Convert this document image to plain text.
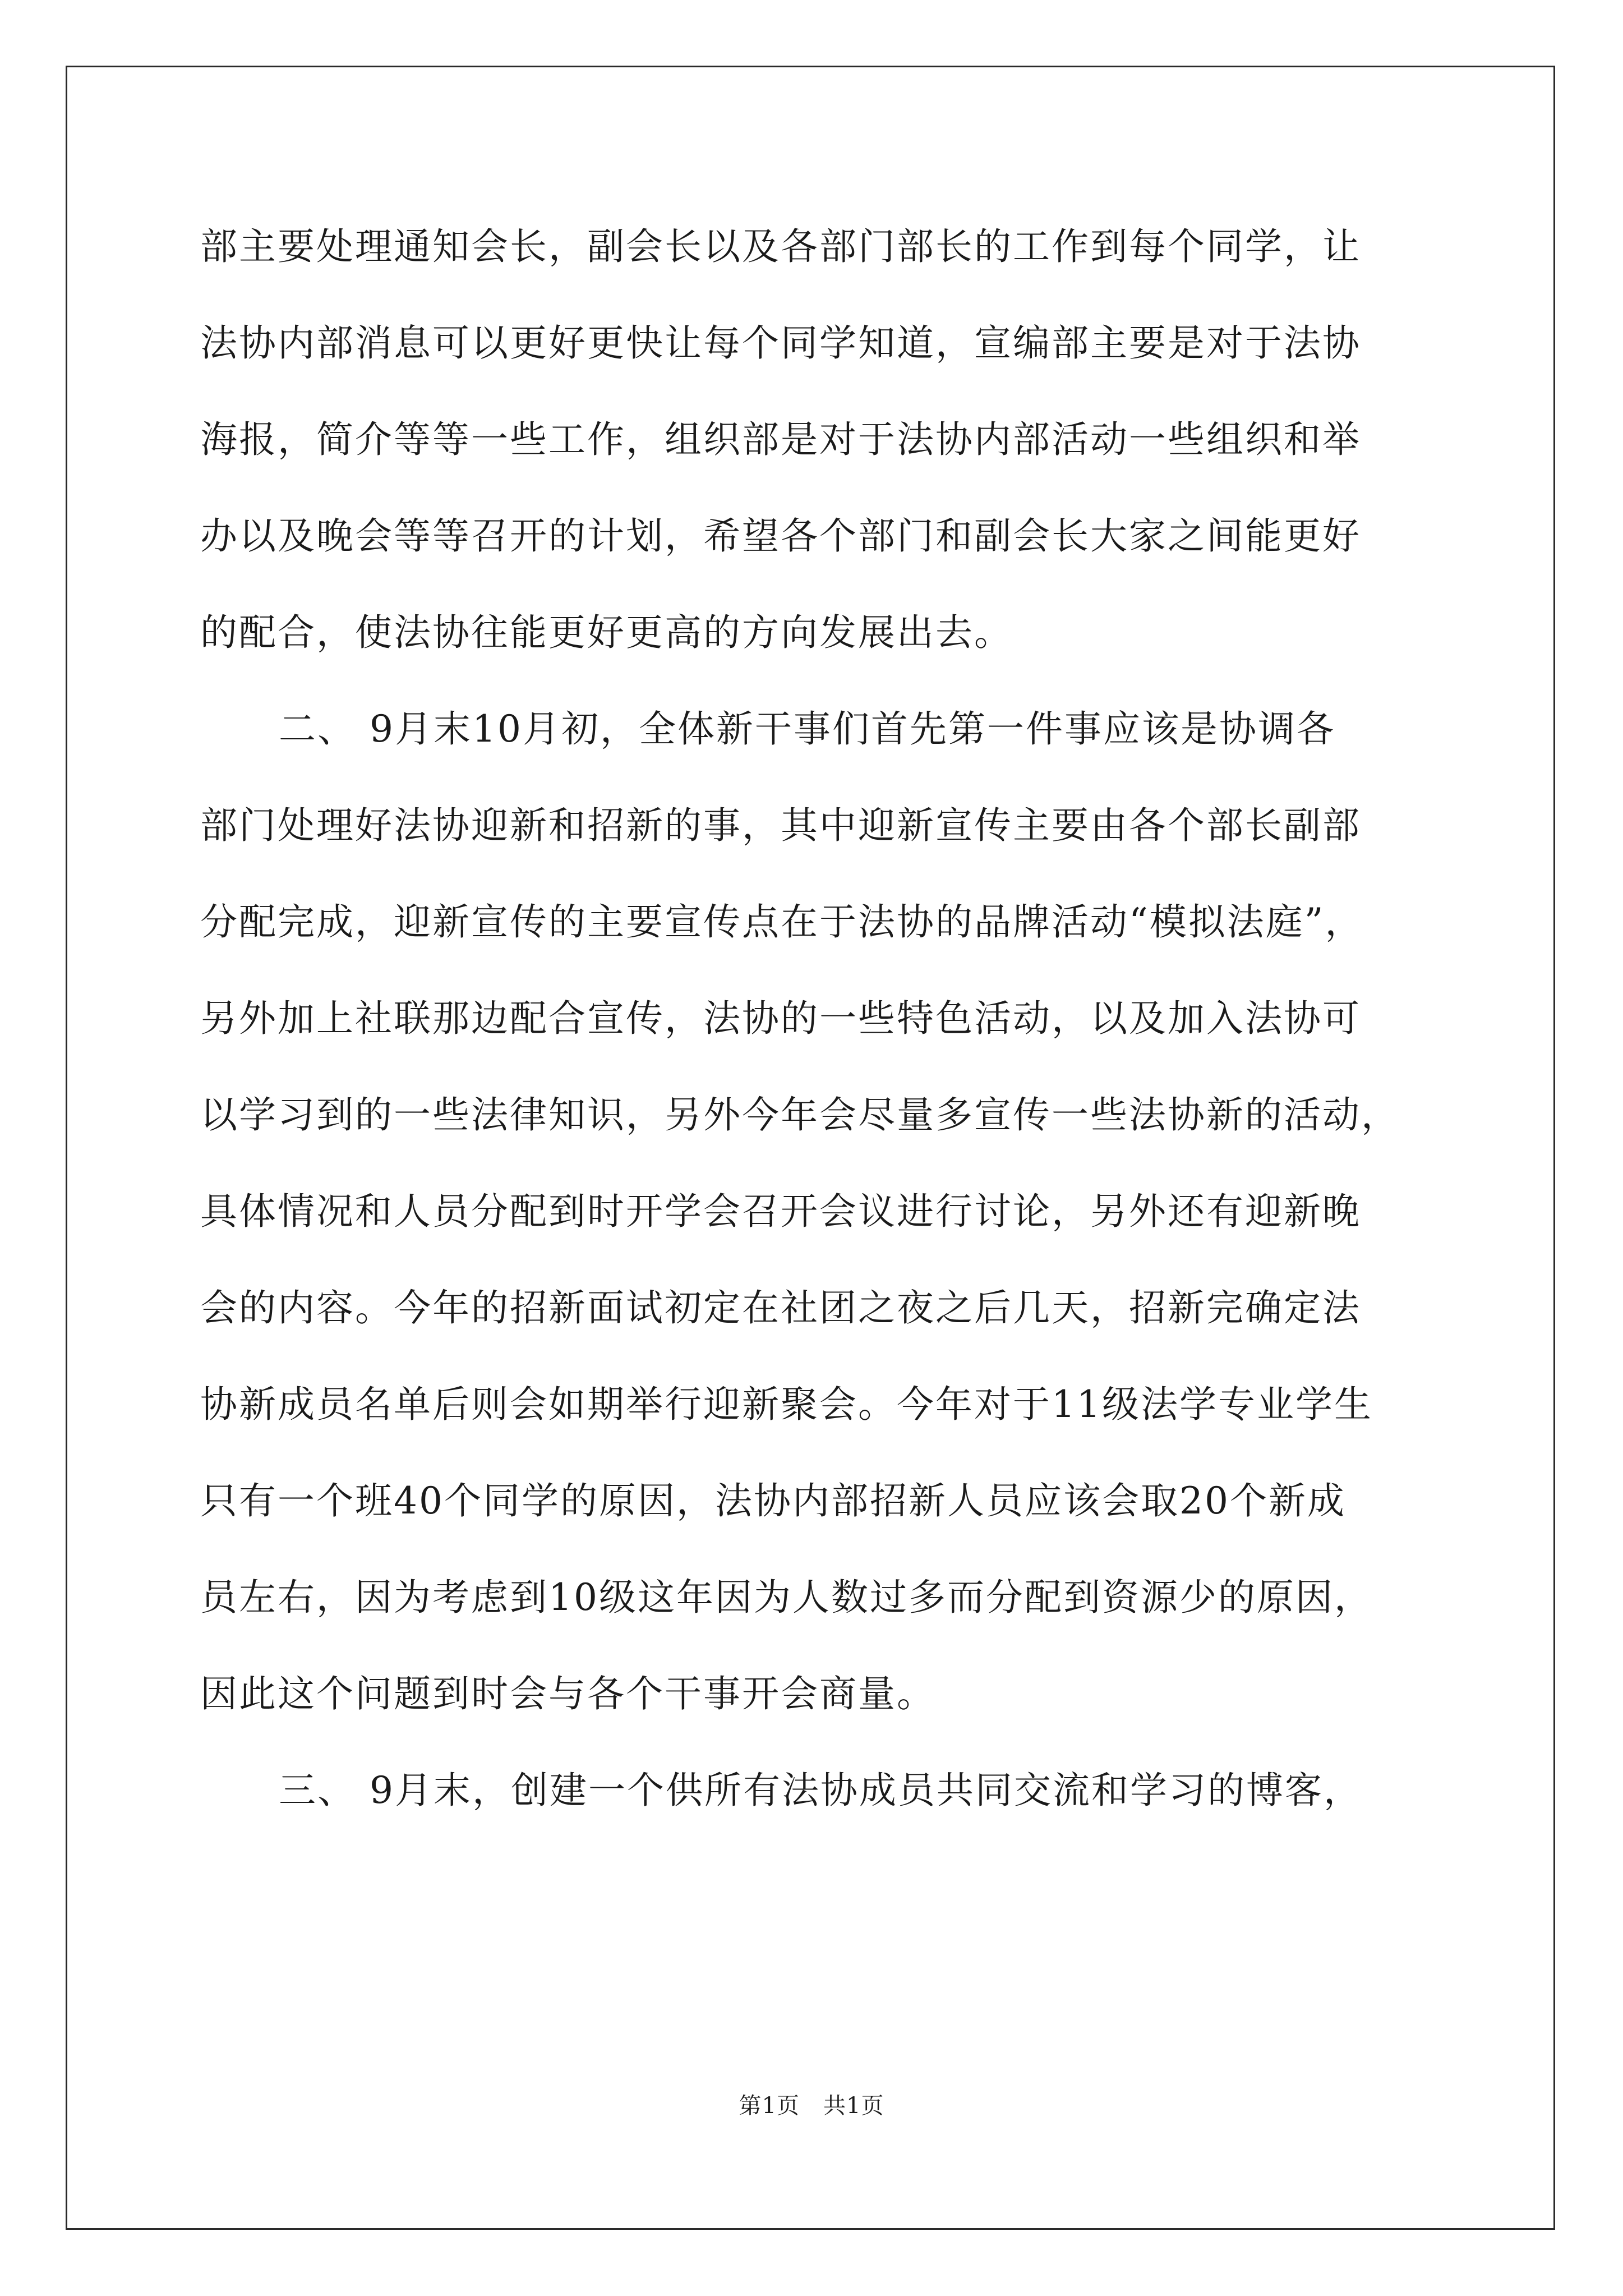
部主要处理通知会长，副会长以及各部门部长的工作到每个同学，让
法协内部消息可以更好更快让每个同学知道，宣编部主要是对于法协
海报，简介等等一些工作，组织部是对于法协内部活动一些组织和举
办以及晚会等等召开的计划，希望各个部门和副会长大家之间能更好
的配合，使法协往能更好更高的方向发展出去。
二、 9月末10月初，全体新干事们首先第一件事应该是协调各
部门处理好法协迎新和招新的事，其中迎新宣传主要由各个部长副部
分配完成，迎新宣传的主要宣传点在于法协的品牌活动“模拟法庭”，
另外加上社联那边配合宣传，法协的一些特色活动，以及加入法协可
以学习到的一些法律知识，另外今年会尽量多宣传一些法协新的活动，
具体情况和人员分配到时开学会召开会议进行讨论，另外还有迎新晚
会的内容。今年的招新面试初定在社团之夜之后几天，招新完确定法
协新成员名单后则会如期举行迎新聚会。今年对于11级法学专业学生
只有一个班40个同学的原因，法协内部招新人员应该会取20个新成
员左右，因为考虑到10级这年因为人数过多而分配到资源少的原因，
因此这个问题到时会与各个干事开会商量。
三、 9月末，创建一个供所有法协成员共同交流和学习的博客，
第1页 共1页
